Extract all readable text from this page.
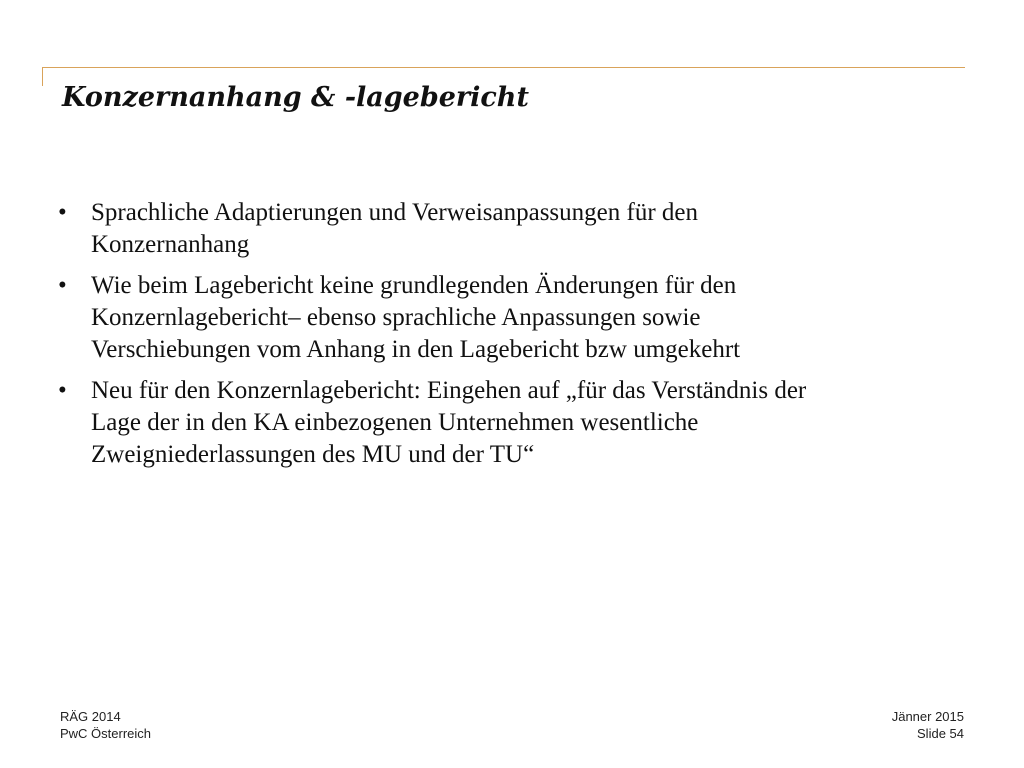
Konzernanhang & -lagebericht
• Sprachliche Adaptierungen und Verweisanpassungen für den
Konzernanhang
• Wie beim Lagebericht keine grundlegenden Änderungen für den
Konzernlagebericht– ebenso sprachliche Anpassungen sowie
Verschiebungen vom Anhang in den Lagebericht bzw umgekehrt
• Neu für den Konzernlagebericht: Eingehen auf „für das Verständnis der
Lage der in den KA einbezogenen Unternehmen wesentliche
Zweigniederlassungen des MU und der TU“
RÄG 2014
PwC Österreich
Jänner 2015
Slide 54
